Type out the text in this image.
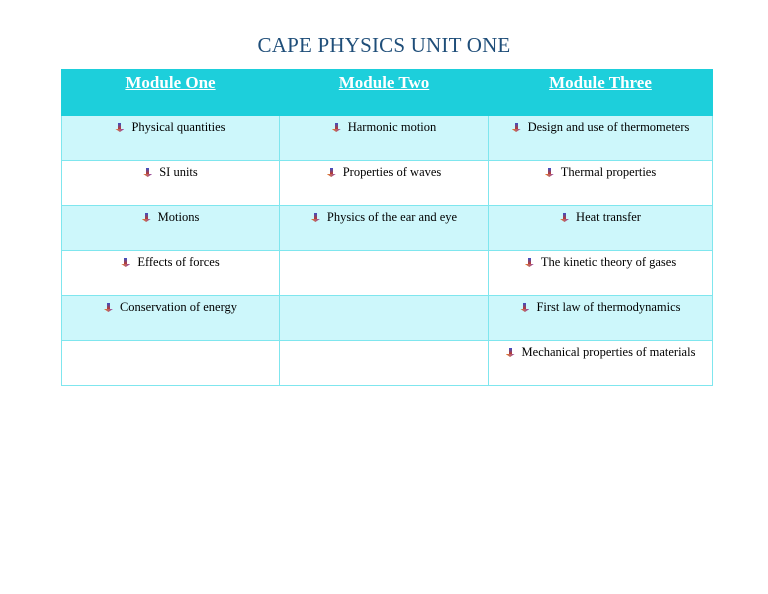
CAPE PHYSICS UNIT ONE
Module One	Module Two	Module Three
Physical quantities	Harmonic motion	Design and use of thermometers
SI units	Properties of waves	Thermal properties
Motions	Physics of the ear and eye	Heat transfer
Effects of forces		The kinetic theory of gases
Conservation of energy		First law of thermodynamics
		Mechanical properties of materials
